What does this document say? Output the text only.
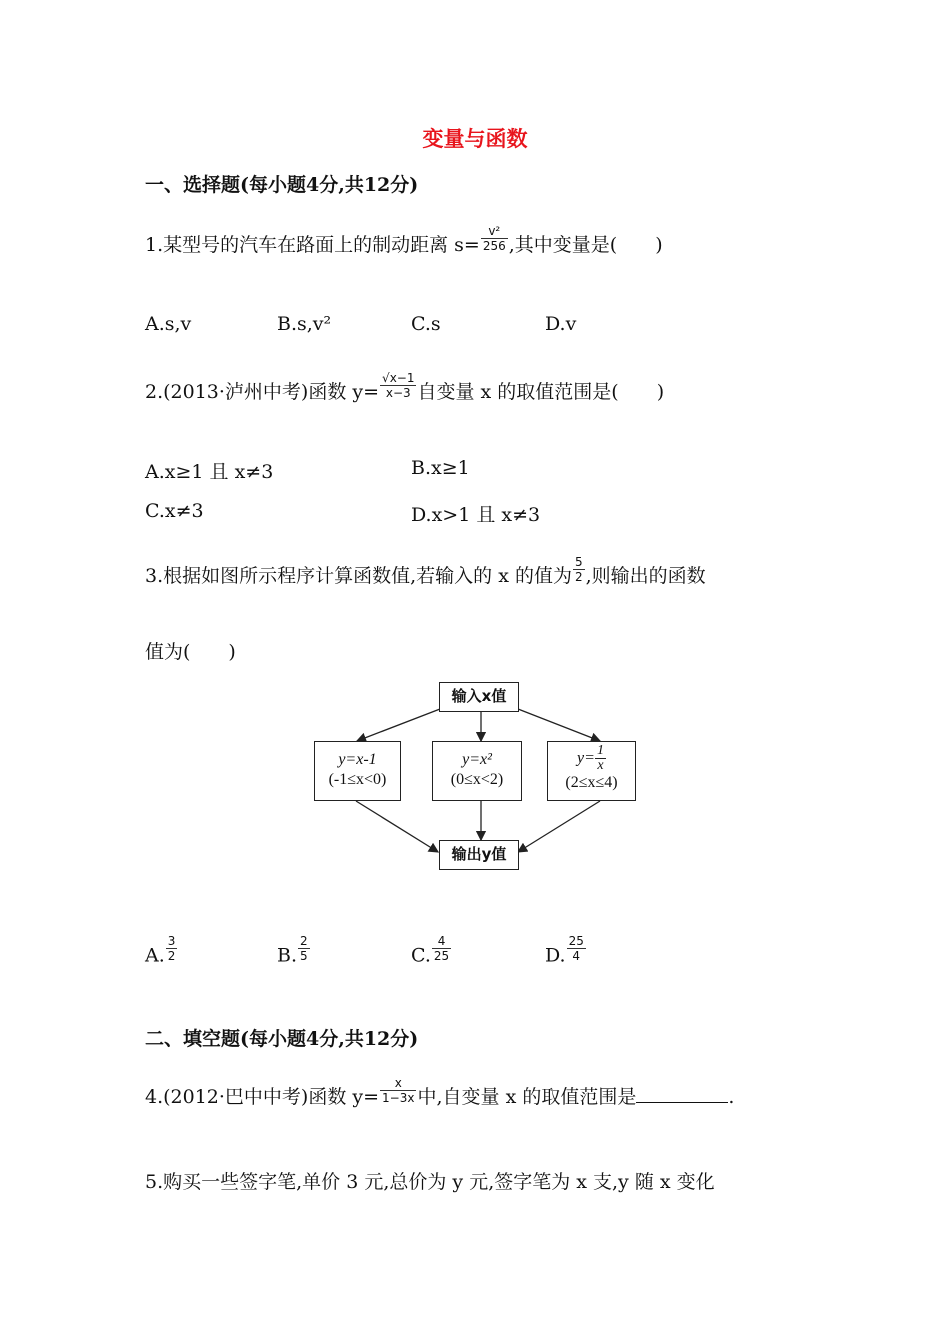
变量与函数
一、选择题(每小题4分,共12分)
1.某型号的汽车在路面上的制动距离 $s= \frac{\text{v²}}{256}$ ,其中变量是(　　)
A.s,v	B.s,v²	C.s	D.v
2.(2013·泸州中考)函数 $y= \frac{√x-1}{x-3}$ 自变量 x 的取值范围是(　　)
A.x≥1 且 x≠3	B.x≥1
C.x≠3	D.x>1 且 x≠3
3.根据如图所示程序计算函数值,若输入的 x 的值为 $\frac{5}{2}$ ,则输出的函数
值为(　　)
输入x值
y=x-1
(-1≤x<0)
y=x²
(0≤x<2)
$y= \frac{1}{x}$
(2≤x≤4)
输出y值
A. $\frac{3}{2}$	B. $\frac{2}{5}$	C. $\frac{4}{25}$	D. $\frac{25}{4}$
二、填空题(每小题4分,共12分)
4.(2012·巴中中考)函数 $y= \frac{x}{1-3x}$ 中,自变量 x 的取值范围是	.
5.购买一些签字笔,单价 3 元,总价为 y 元,签字笔为 x 支,y 随 x 变化
